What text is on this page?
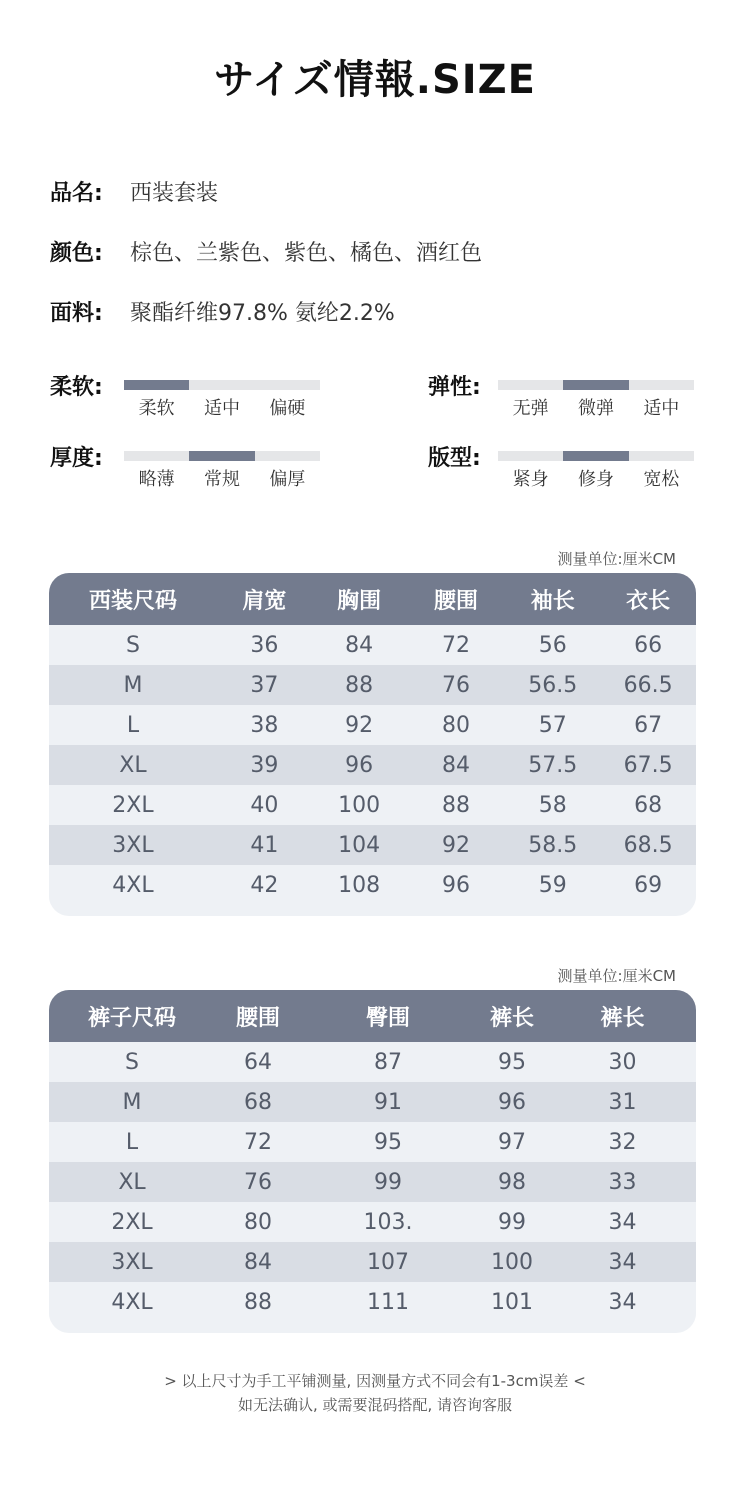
サイズ情報.SIZE
品名: 西装套装
颜色: 棕色、兰紫色、紫色、橘色、酒红色
面料: 聚酯纤维97.8% 氨纶2.2%
柔软:
柔软	适中	偏硬
弹性:
无弹	微弹	适中
厚度:
略薄	常规	偏厚
版型:
紧身	修身	宽松
测量单位:厘米CM
西装尺码	肩宽	胸围	腰围	袖长	衣长
S	36	84	72	56	66
M	37	88	76	56.5	66.5
L	38	92	80	57	67
XL	39	96	84	57.5	67.5
2XL	40	100	88	58	68
3XL	41	104	92	58.5	68.5
4XL	42	108	96	59	69
测量单位:厘米CM
裤子尺码	腰围	臀围	裤长	裤长
S	64	87	95	30
M	68	91	96	31
L	72	95	97	32
XL	76	99	98	33
2XL	80	103.	99	34
3XL	84	107	100	34
4XL	88	111	101	34
> 以上尺寸为手工平铺测量, 因测量方式不同会有1-3cm误差 <
如无法确认, 或需要混码搭配, 请咨询客服
